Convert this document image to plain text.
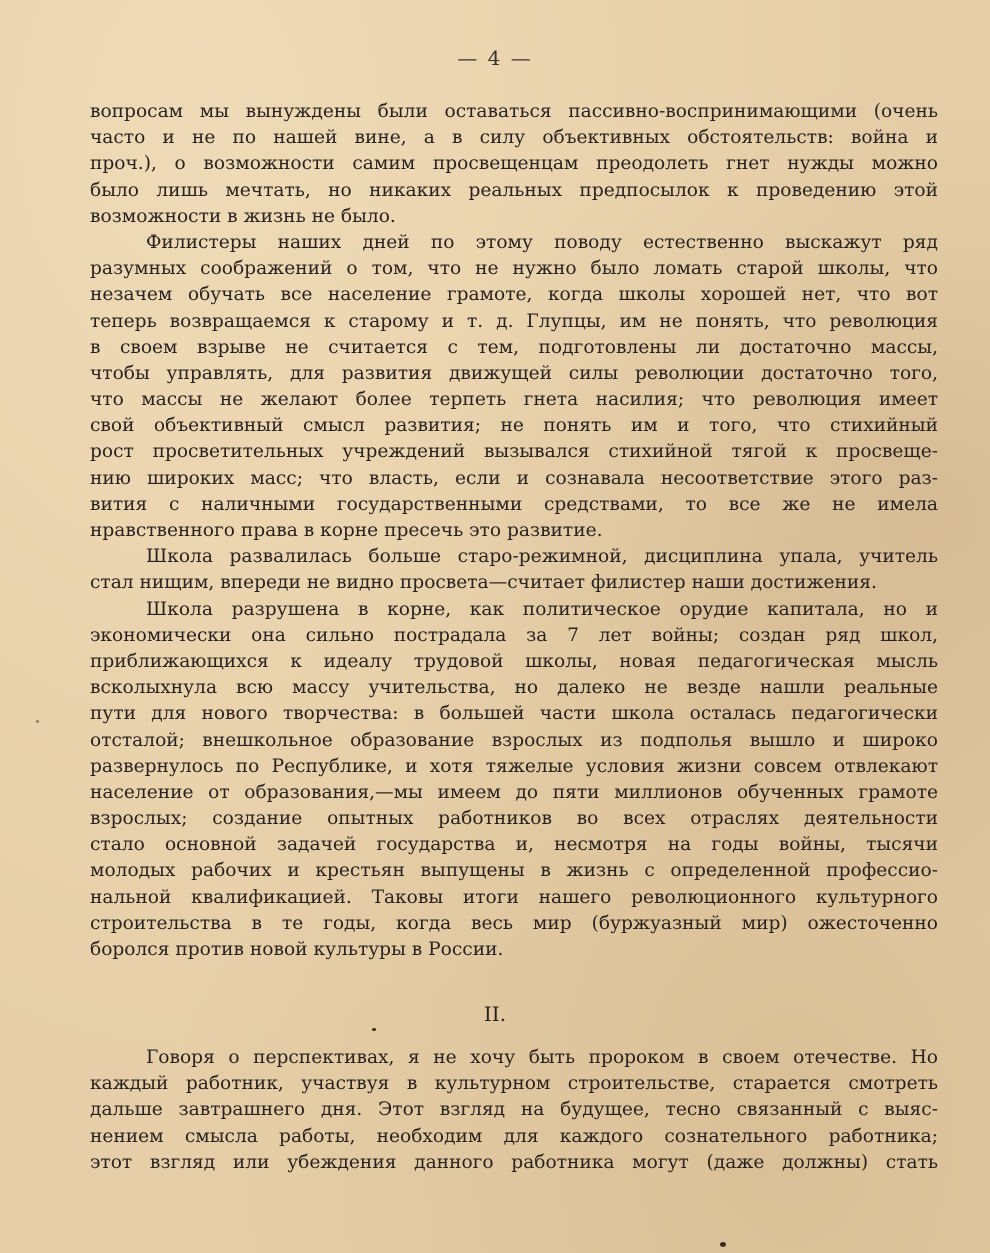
— 4 —
вопросам мы вынуждены были оставаться пассивно-воспринимающими (очень
часто и не по нашей вине, а в силу объективных обстоятельств: война и
проч.), о возможности самим просвещенцам преодолеть гнет нужды можно
было лишь мечтать, но никаких реальных предпосылок к проведению этой
возможности в жизнь не было.
Филистеры наших дней по этому поводу естественно выскажут ряд
разумных соображений о том, что не нужно было ломать старой школы, что
незачем обучать все население грамоте, когда школы хорошей нет, что вот
теперь возвращаемся к старому и т. д. Глупцы, им не понять, что революция
в своем взрыве не считается с тем, подготовлены ли достаточно массы,
чтобы управлять, для развития движущей силы революции достаточно того,
что массы не желают более терпеть гнета насилия; что революция имеет
свой объективный смысл развития; не понять им и того, что стихийный
рост просветительных учреждений вызывался стихийной тягой к просвеще-
нию широких масс; что власть, если и сознавала несоответствие этого раз-
вития с наличными государственными средствами, то все же не имела
нравственного права в корне пресечь это развитие.
Школа развалилась больше старо-режимной, дисциплина упала, учитель
стал нищим, впереди не видно просвета—считает филистер наши достижения.
Школа разрушена в корне, как политическое орудие капитала, но и
экономически она сильно пострадала за 7 лет войны; создан ряд школ,
приближающихся к идеалу трудовой школы, новая педагогическая мысль
всколыхнула всю массу учительства, но далеко не везде нашли реальные
пути для нового творчества: в большей части школа осталась педагогически
отсталой; внешкольное образование взрослых из подполья вышло и широко
развернулось по Республике, и хотя тяжелые условия жизни совсем отвлекают
население от образования,—мы имеем до пяти миллионов обученных грамоте
взрослых; создание опытных работников во всех отраслях деятельности
стало основной задачей государства и, несмотря на годы войны, тысячи
молодых рабочих и крестьян выпущены в жизнь с определенной профессио-
нальной квалификацией. Таковы итоги нашего революционного культурного
строительства в те годы, когда весь мир (буржуазный мир) ожесточенно
боролся против новой культуры в России.
II.
Говоря о перспективах, я не хочу быть пророком в своем отечестве. Но
каждый работник, участвуя в культурном строительстве, старается смотреть
дальше завтрашнего дня. Этот взгляд на будущее, тесно связанный с выяс-
нением смысла работы, необходим для каждого сознательного работника;
этот взгляд или убеждения данного работника могут (даже должны) стать
